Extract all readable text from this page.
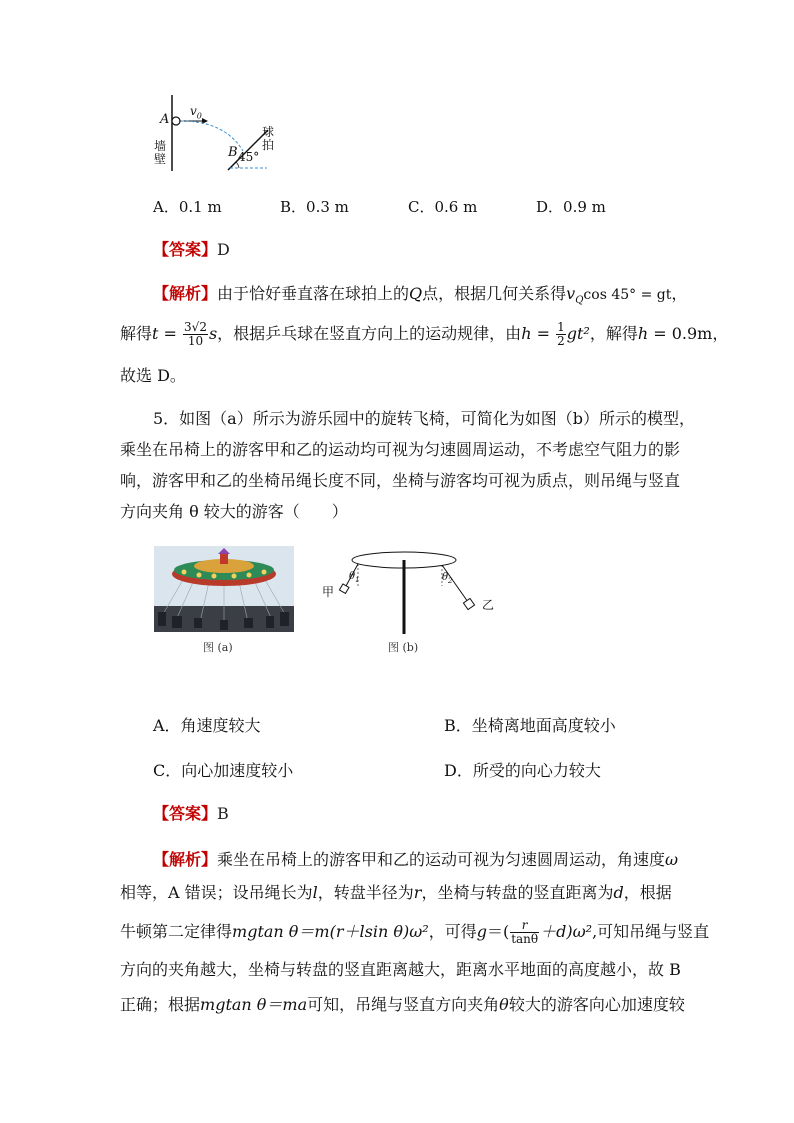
A
$v_0$
墙壁	B 45°
球拍
A．0.1 m	B．0.3 m	C．0.6 m	D．0.9 m
【答案】D
【解析】由于恰好垂直落在球拍上的Q点，根据几何关系得$v_Q\cos$ 45° = gt，
解得$t = \frac{3√2}{10}$ s，根据乒乓球在竖直方向上的运动规律，由$h = \frac{1}{2} gt^2$，解得h = 0.9m，
故选 D。
5．如图（a）所示为游乐园中的旋转飞椅，可简化为如图（b）所示的模型，
乘坐在吊椅上的游客甲和乙的运动均可视为匀速圆周运动，不考虑空气阻力的影
响，游客甲和乙的坐椅吊绳长度不同，坐椅与游客均可视为质点，则吊绳与竖直
方向夹角 θ 较大的游客（　　）
图 (a)
甲
$\theta_1$	$\theta_2$
乙
图 (b)
A．角速度较大	B．坐椅离地面高度较小
C．向心加速度较小	D．所受的向心力较大
【答案】B
【解析】乘坐在吊椅上的游客甲和乙的运动可视为匀速圆周运动，角速度ω
相等，A 错误；设吊绳长为l，转盘半径为r，坐椅与转盘的竖直距离为d，根据
牛顿第二定律得mgtan θ＝m(r＋lsin θ)ω²，可得$g=( \frac{r}{\tan\theta} +d)\omega^2$,可知吊绳与竖直
方向的夹角越大，坐椅与转盘的竖直距离越大，距离水平地面的高度越小，故 B
正确；根据mgtan θ＝ma可知，吊绳与竖直方向夹角θ较大的游客向心加速度较
